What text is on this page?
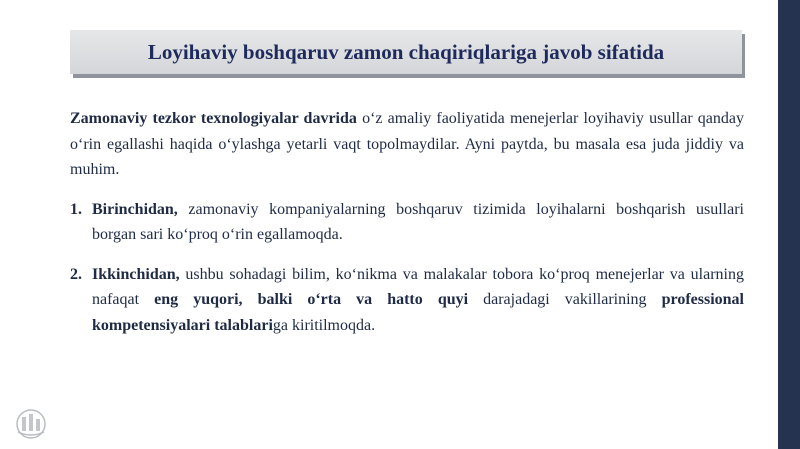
Loyihaviy boshqaruv zamon chaqiriqlariga javob sifatida

Zamonaviy tezkor texnologiyalar davrida o‘z amaliy faoliyatida menejerlar loyihaviy usullar qanday o‘rin egallashi haqida o‘ylashga yetarli vaqt topolmaydilar. Ayni paytda, bu masala esa juda jiddiy va muhim.

1. Birinchidan, zamonaviy kompaniyalarning boshqaruv tizimida loyihalarni boshqarish usullari borgan sari ko‘proq o‘rin egallamoqda.
2. Ikkinchidan, ushbu sohadagi bilim, ko‘nikma va malakalar tobora ko‘proq menejerlar va ularning nafaqat eng yuqori, balki o‘rta va hatto quyi darajadagi vakillarining professional kompetensiyalari talablariga kiritilmoqda.
